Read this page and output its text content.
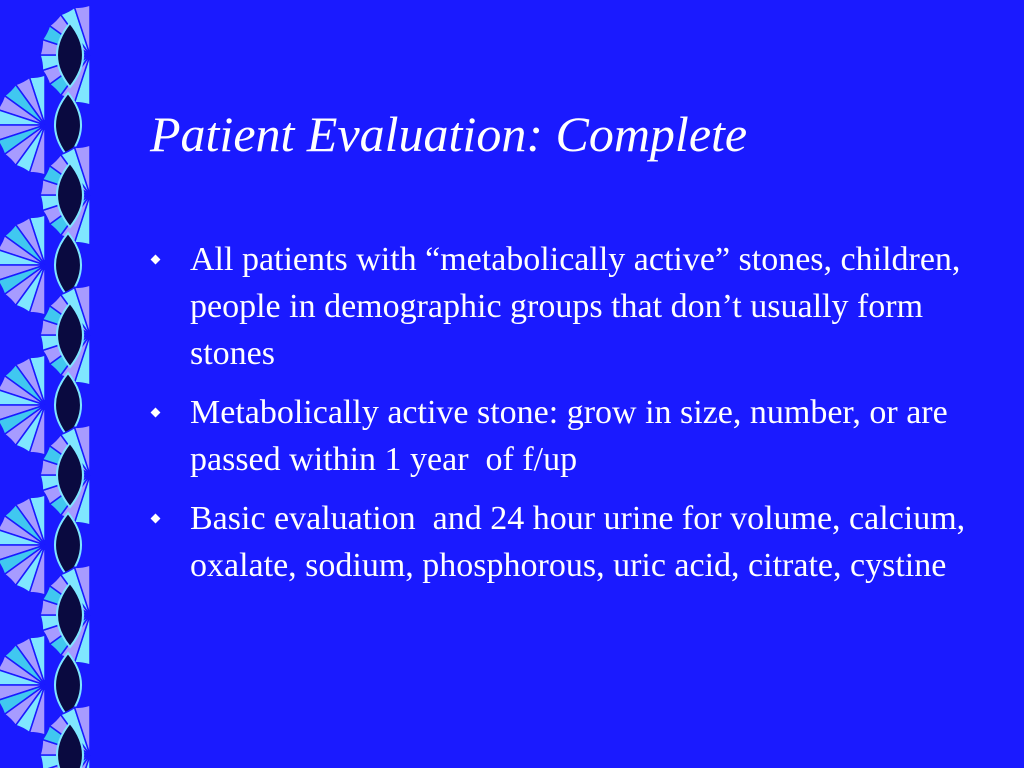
Patient Evaluation: Complete
All patients with “metabolically active” stones, children, people in demographic groups that don’t usually form stones
Metabolically active stone: grow in size, number, or are passed within 1 year  of f/up
Basic evaluation  and 24 hour urine for volume, calcium, oxalate, sodium, phosphorous, uric acid, citrate, cystine
